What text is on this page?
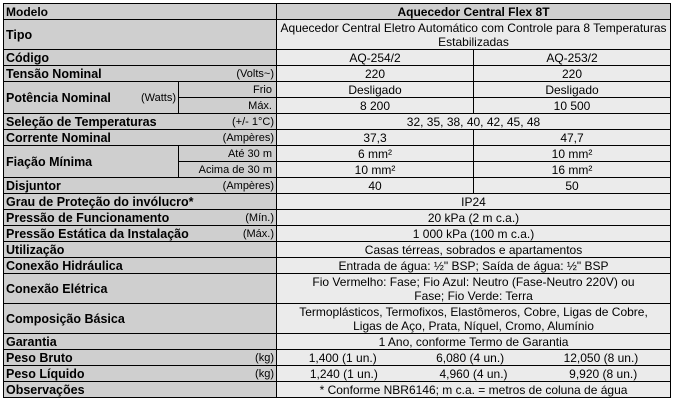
Modelo		Aquecedor Central Flex 8T	
Tipo		Aquecedor Central Eletro Automático com Controle para 8 Temperaturas Estabilizadas	
Código		AQ-254/2	AQ-253/2

Tensão Nominal (Volts~)		220	220

Potência Nominal (Watts)	Frio	Desligado	Desligado
	Máx.	8 200	10 500

Seleção de Temperaturas (+/- 1°C)		32, 35, 38, 40, 42, 45, 48	

Corrente Nominal (Ampères)		37,3	47,7
Fiação Mínima	Até 30 m	6 mm²	10 mm²
	Acima de 30 m	10 mm²	16 mm²

Disjuntor (Ampères)		40	50
Grau de Proteção do invólucro*		IP24	

Pressão de Funcionamento (Mín.)		20 kPa (2 m c.a.)	

Pressão Estática da Instalação (Máx.)		1 000 kPa (100 m c.a.)	
Utilização		Casas térreas, sobrados e apartamentos	
Conexão Hidráulica		Entrada de água: ½" BSP; Saída de água: ½" BSP	
Conexão Elétrica		Fio Vermelho: Fase; Fio Azul: Neutro (Fase-Neutro 220V) ou Fase; Fio Verde: Terra	
Composição Básica		Termoplásticos, Termofixos, Elastômeros, Cobre, Ligas de Cobre, Ligas de Aço, Prata, Níquel, Cromo, Alumínio	
Garantia		1 Ano, conforme Termo de Garantia	

Peso Bruto (kg)		1,400 (1 un.) 6,080 (4 un.) 12,050 (8 un.)	

Peso Líquido (kg)		1,240 (1 un.) 4,960 (4 un.) 9,920 (8 un.)	

Observações		* Conforme NBR6146; m c.a. = metros de coluna de água	
